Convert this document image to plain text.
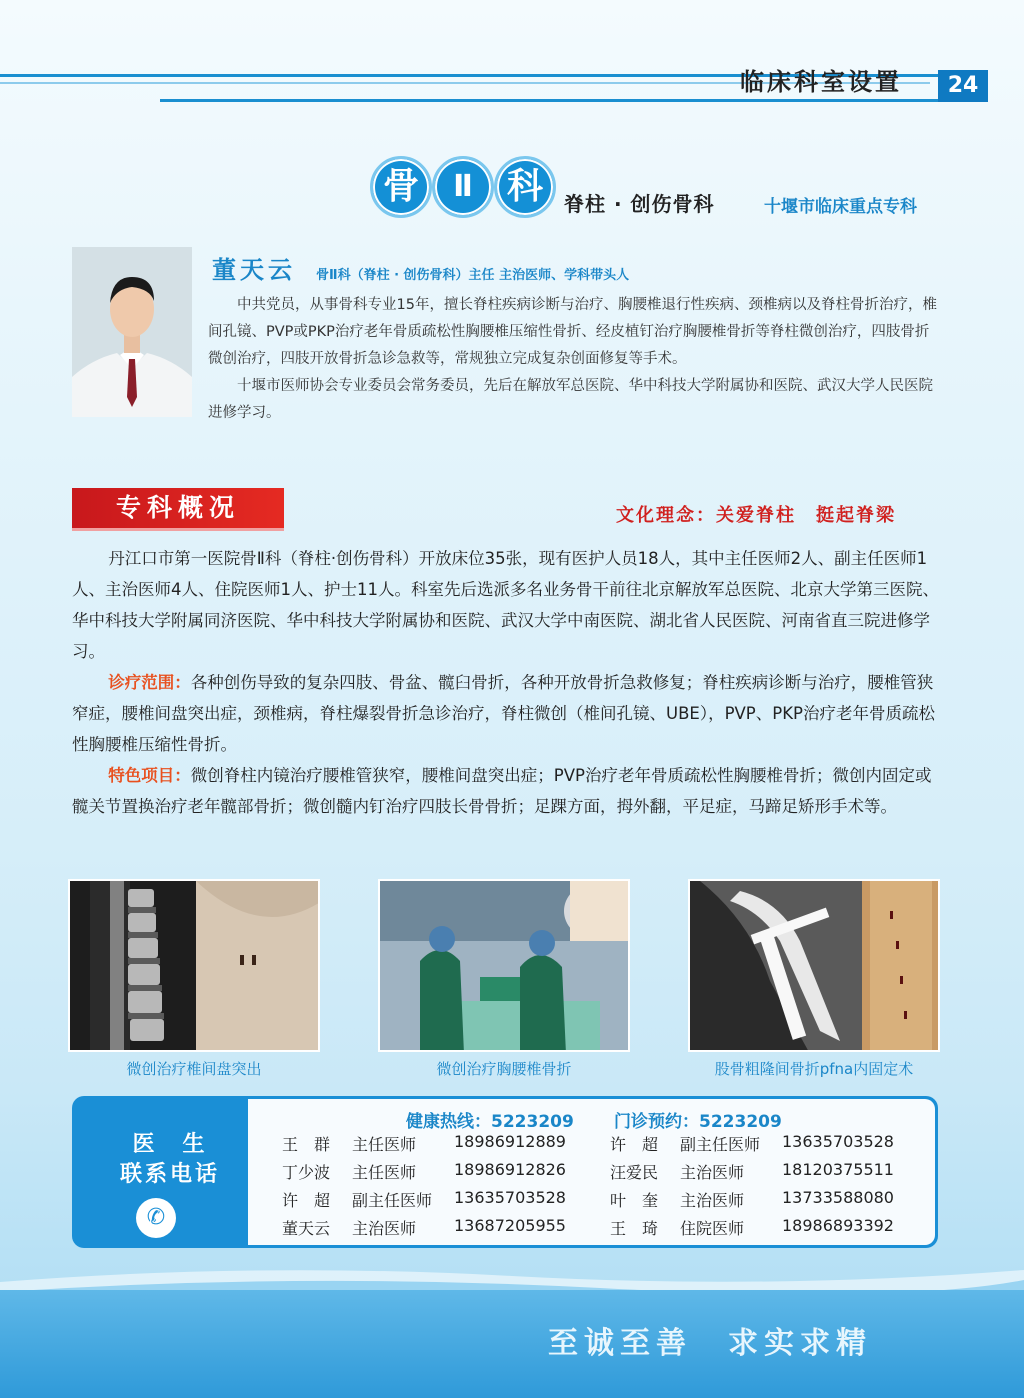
临床科室设置	24
骨	Ⅱ 科	脊柱 · 创伤骨科	十堰市临床重点专科
董天云 骨Ⅱ科（脊柱 · 创伤骨科）主任 主治医师、学科带头人

中共党员，从事骨科专业15年，擅长脊柱疾病诊断与治疗、胸腰椎退行性疾病、颈椎病以及脊柱骨折治疗，椎间孔镜、PVP或PKP治疗老年骨质疏松性胸腰椎压缩性骨折、经皮植钉治疗胸腰椎骨折等脊柱微创治疗，四肢骨折微创治疗，四肢开放骨折急诊急救等，常规独立完成复杂创面修复等手术。

十堰市医师协会专业委员会常务委员，先后在解放军总医院、华中科技大学附属协和医院、武汉大学人民医院进修学习。

专科概况	文化理念：关爱脊柱　挺起脊梁

丹江口市第一医院骨Ⅱ科（脊柱·创伤骨科）开放床位35张，现有医护人员18人，其中主任医师2人、副主任医师1人、主治医师4人、住院医师1人、护士11人。科室先后选派多名业务骨干前往北京解放军总医院、北京大学第三医院、华中科技大学附属同济医院、华中科技大学附属协和医院、武汉大学中南医院、湖北省人民医院、河南省直三院进修学习。

诊疗范围：各种创伤导致的复杂四肢、骨盆、髋臼骨折，各种开放骨折急救修复；脊柱疾病诊断与治疗，腰椎管狭窄症，腰椎间盘突出症，颈椎病，脊柱爆裂骨折急诊治疗，脊柱微创（椎间孔镜、UBE），PVP、PKP治疗老年骨质疏松性胸腰椎压缩性骨折。

特色项目：微创脊柱内镜治疗腰椎管狭窄，腰椎间盘突出症；PVP治疗老年骨质疏松性胸腰椎骨折；微创内固定或髋关节置换治疗老年髋部骨折；微创髓内钉治疗四肢长骨骨折；足踝方面，拇外翻，平足症，马蹄足矫形手术等。

微创治疗椎间盘突出	微创治疗胸腰椎骨折	股骨粗隆间骨折pfna内固定术
医　生
联系电话
✆
健康热线：5223209 门诊预约：5223209
王　群 主任医师 18986912889
丁少波 主任医师 18986912826
许　超 副主任医师 13635703528
董天云 主治医师 13687205955
许　超 副主任医师 13635703528
汪爱民 主治医师 18120375511
叶　奎 主治医师 13733588080
王　琦 住院医师 18986893392
至诚至善　求实求精
